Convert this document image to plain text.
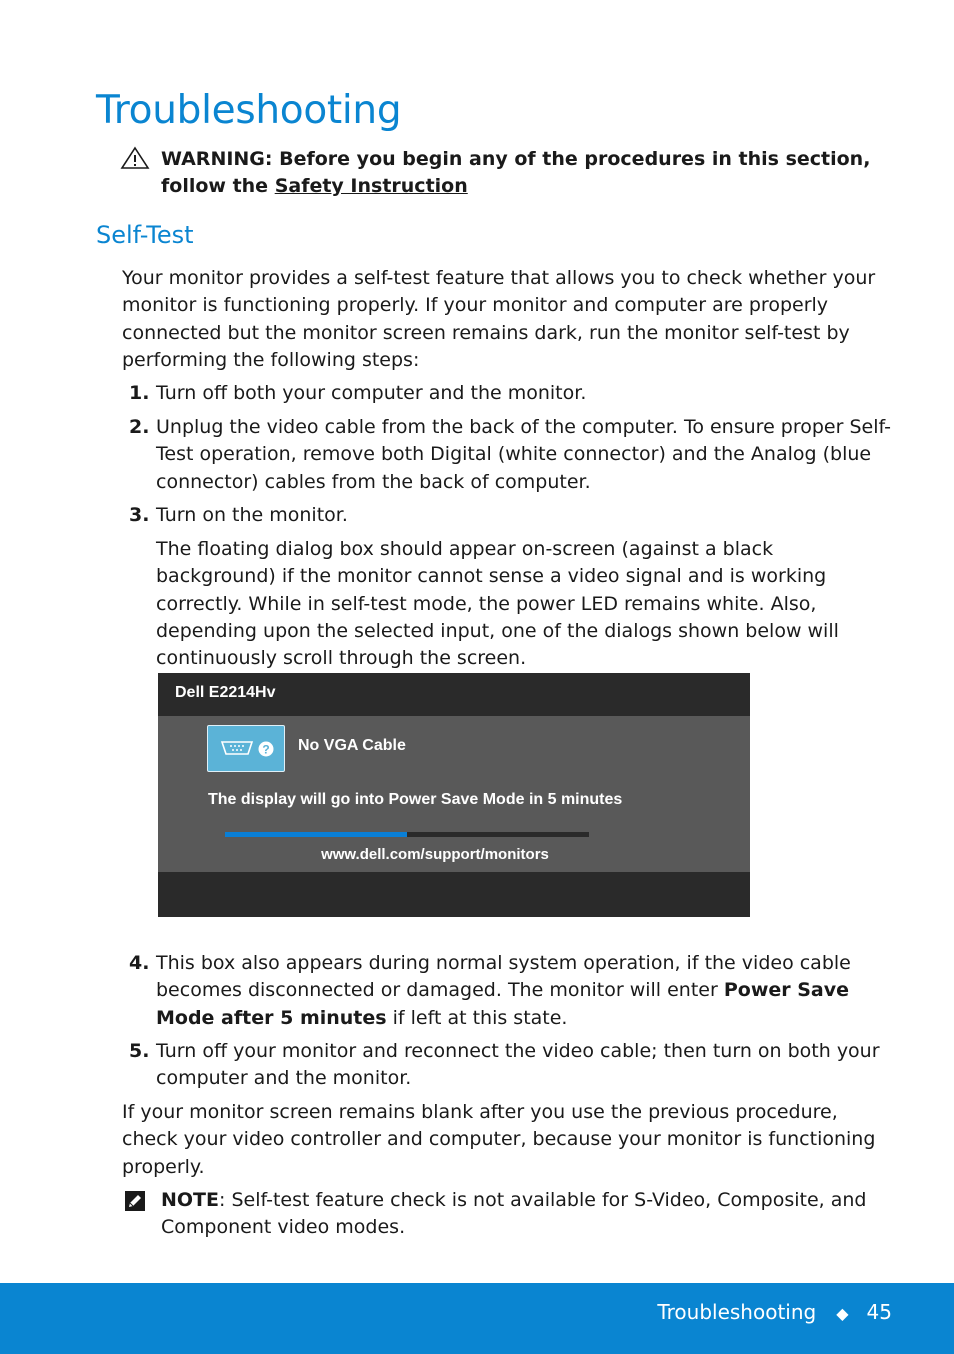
Troubleshooting
WARNING: Before you begin any of the procedures in this section, follow the Safety Instruction
Self-Test

Your monitor provides a self-test feature that allows you to check whether your monitor is functioning properly. If your monitor and computer are properly connected but the monitor screen remains dark, run the monitor self-test by performing the following steps:

1. Turn off both your computer and the monitor.
2. Unplug the video cable from the back of the computer. To ensure proper Self-Test operation, remove both Digital (white connector) and the Analog (blue connector) cables from the back of computer.
3. Turn on the monitor.
The floating dialog box should appear on-screen (against a black background) if the monitor cannot sense a video signal and is working correctly. While in self-test mode, the power LED remains white. Also, depending upon the selected input, one of the dialogs shown below will continuously scroll through the screen.
Dell E2214Hv
? No VGA Cable
The display will go into Power Save Mode in 5 minutes
www.dell.com/support/monitors
4. This box also appears during normal system operation, if the video cable becomes disconnected or damaged. The monitor will enter Power Save Mode after 5 minutes if left at this state.
5. Turn off your monitor and reconnect the video cable; then turn on both your computer and the monitor.

If your monitor screen remains blank after you use the previous procedure, check your video controller and computer, because your monitor is functioning properly.

NOTE: Self-test feature check is not available for S-Video, Composite, and Component video modes.
Troubleshooting ◆ 45
